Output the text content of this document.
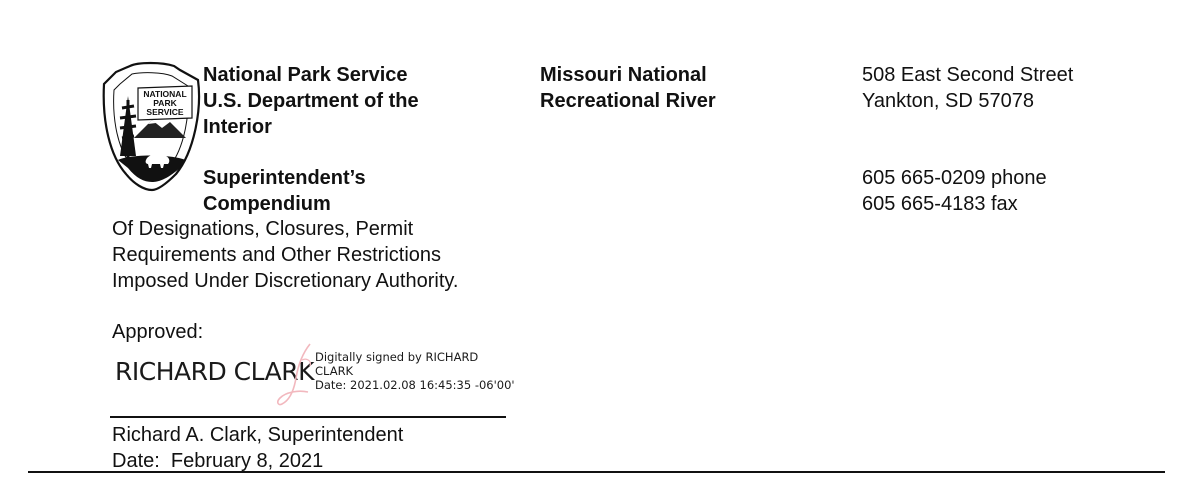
NATIONAL
PARK
SERVICE
National Park Service
U.S. Department of the
Interior
Missouri National
Recreational River
508 East Second Street
Yankton, SD 57078
605 665-0209 phone
605 665-4183 fax
Superintendent’s
Compendium
Of Designations, Closures, Permit
Requirements and Other Restrictions
Imposed Under Discretionary Authority.
Approved:
RICHARD CLARK Digitally signed by RICHARD
CLARK
Date: 2021.02.08 16:45:35 -06'00'
Richard A. Clark, Superintendent
Date:  February 8, 2021
